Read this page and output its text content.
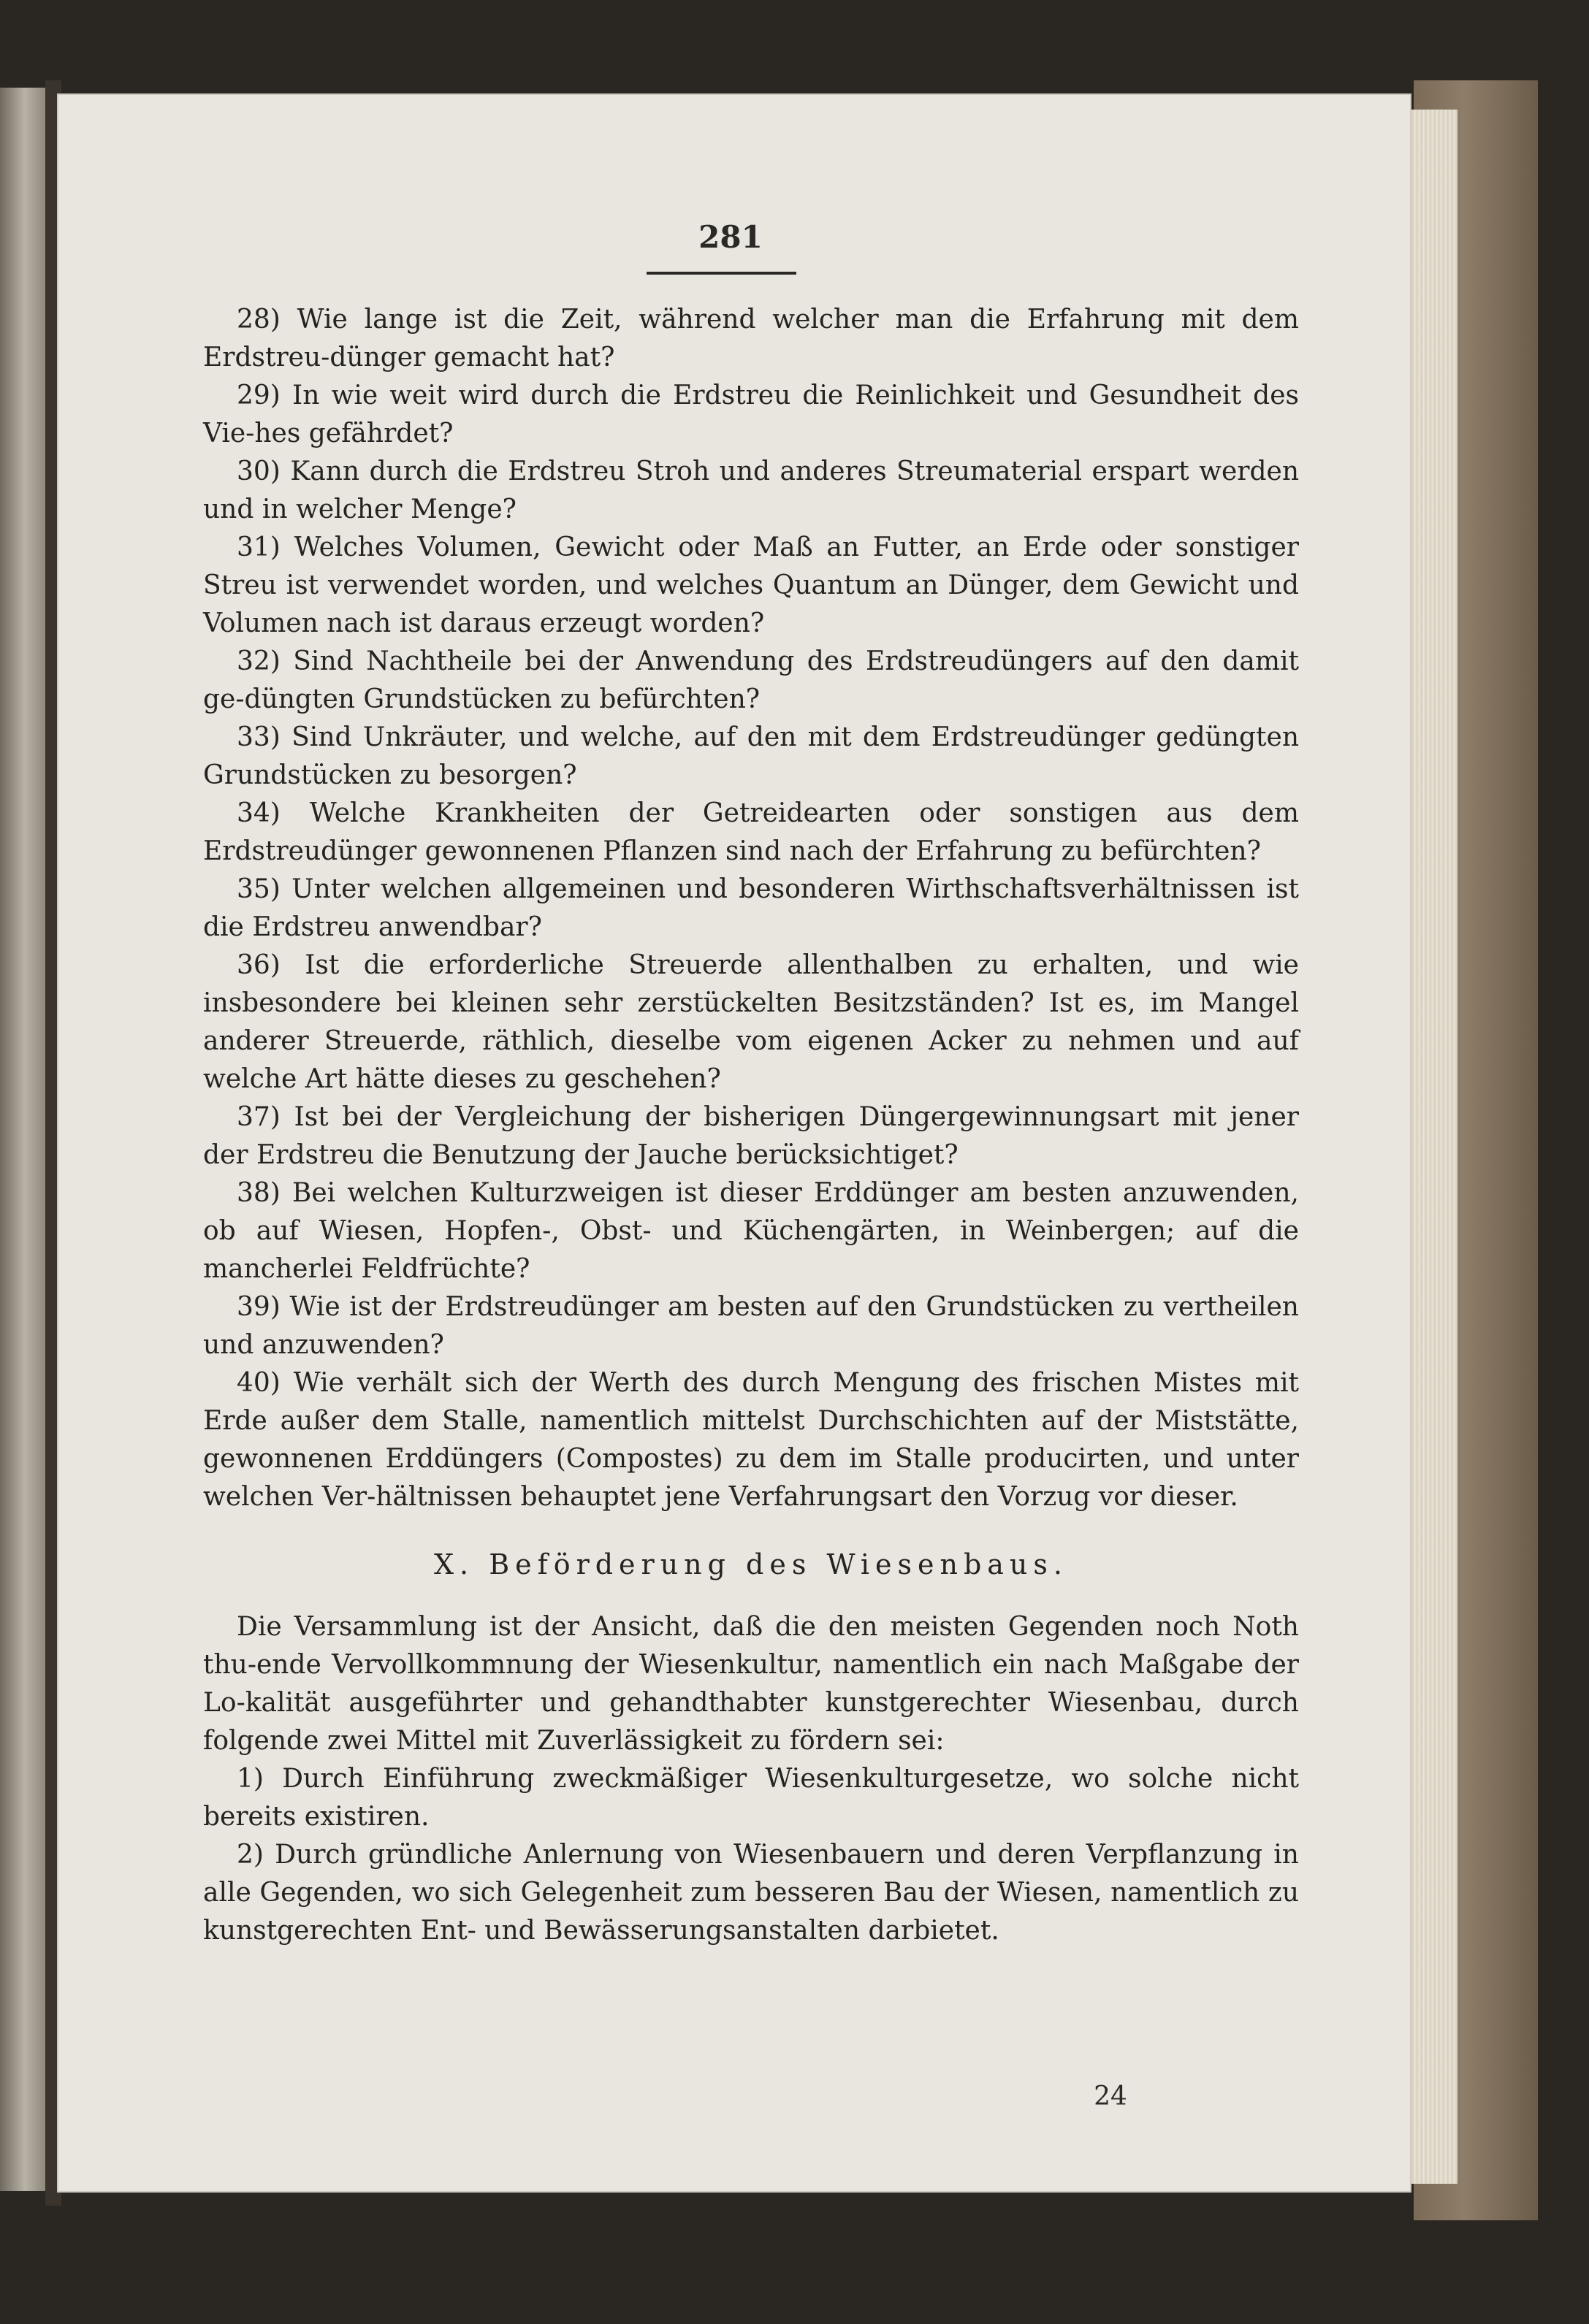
281

28) Wie lange ist die Zeit, während welcher man die Erfahrung mit dem Erdstreu-dünger gemacht hat?

29) In wie weit wird durch die Erdstreu die Reinlichkeit und Gesundheit des Vie-hes gefährdet?

30) Kann durch die Erdstreu Stroh und anderes Streumaterial erspart werden und in welcher Menge?

31) Welches Volumen, Gewicht oder Maß an Futter, an Erde oder sonstiger Streu ist verwendet worden, und welches Quantum an Dünger, dem Gewicht und Volumen nach ist daraus erzeugt worden?

32) Sind Nachtheile bei der Anwendung des Erdstreudüngers auf den damit ge-düngten Grundstücken zu befürchten?

33) Sind Unkräuter, und welche, auf den mit dem Erdstreudünger gedüngten Grundstücken zu besorgen?

34) Welche Krankheiten der Getreidearten oder sonstigen aus dem Erdstreudünger gewonnenen Pflanzen sind nach der Erfahrung zu befürchten?

35) Unter welchen allgemeinen und besonderen Wirthschaftsverhältnissen ist die Erdstreu anwendbar?

36) Ist die erforderliche Streuerde allenthalben zu erhalten, und wie insbesondere bei kleinen sehr zerstückelten Besitzständen? Ist es, im Mangel anderer Streuerde, räthlich, dieselbe vom eigenen Acker zu nehmen und auf welche Art hätte dieses zu geschehen?

37) Ist bei der Vergleichung der bisherigen Düngergewinnungsart mit jener der Erdstreu die Benutzung der Jauche berücksichtiget?

38) Bei welchen Kulturzweigen ist dieser Erddünger am besten anzuwenden, ob auf Wiesen, Hopfen-, Obst- und Küchengärten, in Weinbergen; auf die mancherlei Feldfrüchte?

39) Wie ist der Erdstreudünger am besten auf den Grundstücken zu vertheilen und anzuwenden?

40) Wie verhält sich der Werth des durch Mengung des frischen Mistes mit Erde außer dem Stalle, namentlich mittelst Durchschichten auf der Miststätte, gewonnenen Erddüngers (Compostes) zu dem im Stalle producirten, und unter welchen Ver-hältnissen behauptet jene Verfahrungsart den Vorzug vor dieser.

X. Beförderung des Wiesenbaus.

Die Versammlung ist der Ansicht, daß die den meisten Gegenden noch Noth thu-ende Vervollkommnung der Wiesenkultur, namentlich ein nach Maßgabe der Lo-kalität ausgeführter und gehandthabter kunstgerechter Wiesenbau, durch folgende zwei Mittel mit Zuverlässigkeit zu fördern sei:

1) Durch Einführung zweckmäßiger Wiesenkulturgesetze, wo solche nicht bereits existiren.

2) Durch gründliche Anlernung von Wiesenbauern und deren Verpflanzung in alle Gegenden, wo sich Gelegenheit zum besseren Bau der Wiesen, namentlich zu kunstgerechten Ent- und Bewässerungsanstalten darbietet.

24
